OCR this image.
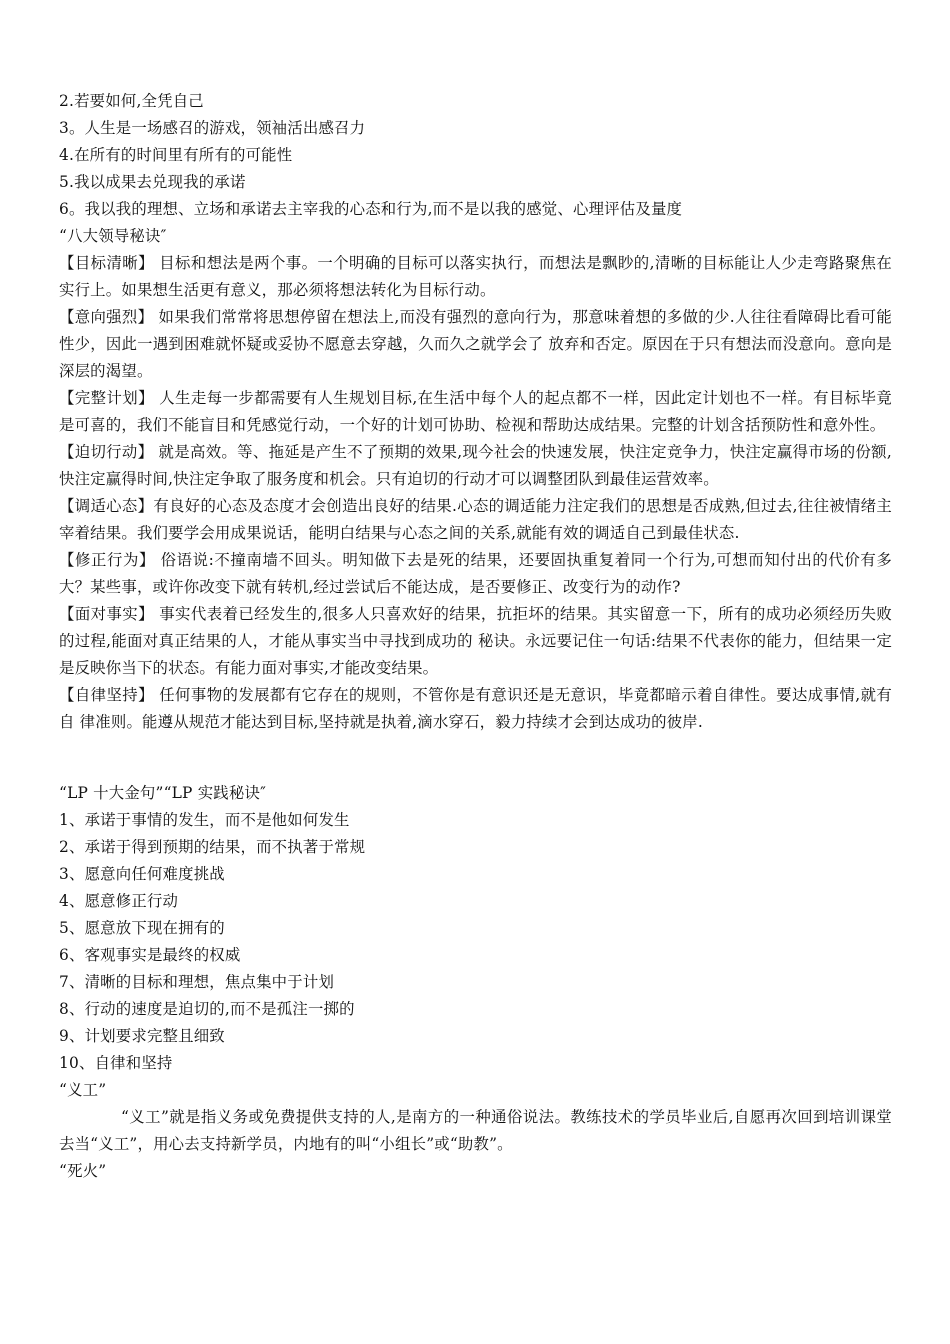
2.若要如何,全凭自己
3。人生是一场感召的游戏，领袖活出感召力
4.在所有的时间里有所有的可能性
5.我以成果去兑现我的承诺
6。我以我的理想、立场和承诺去主宰我的心态和行为,而不是以我的感觉、心理评估及量度
“八大领导秘诀″
【目标清晰】 目标和想法是两个事。一个明确的目标可以落实执行，而想法是飘眇的,清晰的目标能让人少走弯路聚焦在实行上。如果想生活更有意义，那必须将想法转化为目标行动。
【意向强烈】 如果我们常常将思想停留在想法上,而没有强烈的意向行为，那意味着想的多做的少.人往往看障碍比看可能性少，因此一遇到困难就怀疑或妥协不愿意去穿越，久而久之就学会了 放弃和否定。原因在于只有想法而没意向。意向是深层的渴望。
【完整计划】 人生走每一步都需要有人生规划目标,在生活中每个人的起点都不一样，因此定计划也不一样。有目标毕竟是可喜的，我们不能盲目和凭感觉行动，一个好的计划可协助、检视和帮助达成结果。完整的计划含括预防性和意外性。
【迫切行动】 就是高效。等、拖延是产生不了预期的效果,现今社会的快速发展，快注定竞争力，快注定赢得市场的份额,快注定赢得时间,快注定争取了服务度和机会。只有迫切的行动才可以调整团队到最佳运营效率。
【调适心态】有良好的心态及态度才会创造出良好的结果.心态的调适能力注定我们的思想是否成熟,但过去,往往被情绪主宰着结果。我们要学会用成果说话，能明白结果与心态之间的关系,就能有效的调适自己到最佳状态.
【修正行为】 俗语说:不撞南墙不回头。明知做下去是死的结果，还要固执重复着同一个行为,可想而知付出的代价有多大？某些事，或许你改变下就有转机,经过尝试后不能达成，是否要修正、改变行为的动作?
【面对事实】 事实代表着已经发生的,很多人只喜欢好的结果，抗拒坏的结果。其实留意一下，所有的成功必须经历失败 的过程,能面对真正结果的人，才能从事实当中寻找到成功的 秘诀。永远要记住一句话:结果不代表你的能力，但结果一定是反映你当下的状态。有能力面对事实,才能改变结果。
【自律坚持】 任何事物的发展都有它存在的规则，不管你是有意识还是无意识，毕竟都暗示着自律性。要达成事情,就有自 律准则。能遵从规范才能达到目标,坚持就是执着,滴水穿石，毅力持续才会到达成功的彼岸.
“LP 十大金句”“LP 实践秘诀″
1、承诺于事情的发生，而不是他如何发生
2、承诺于得到预期的结果，而不执著于常规
3、愿意向任何难度挑战
4、愿意修正行动
5、愿意放下现在拥有的
6、客观事实是最终的权威
7、清晰的目标和理想，焦点集中于计划
8、行动的速度是迫切的,而不是孤注一掷的
9、计划要求完整且细致
10、自律和坚持
“义工”
“义工”就是指义务或免费提供支持的人,是南方的一种通俗说法。教练技术的学员毕业后,自愿再次回到培训课堂去当“义工”，用心去支持新学员，内地有的叫“小组长”或“助教”。
“死火”
